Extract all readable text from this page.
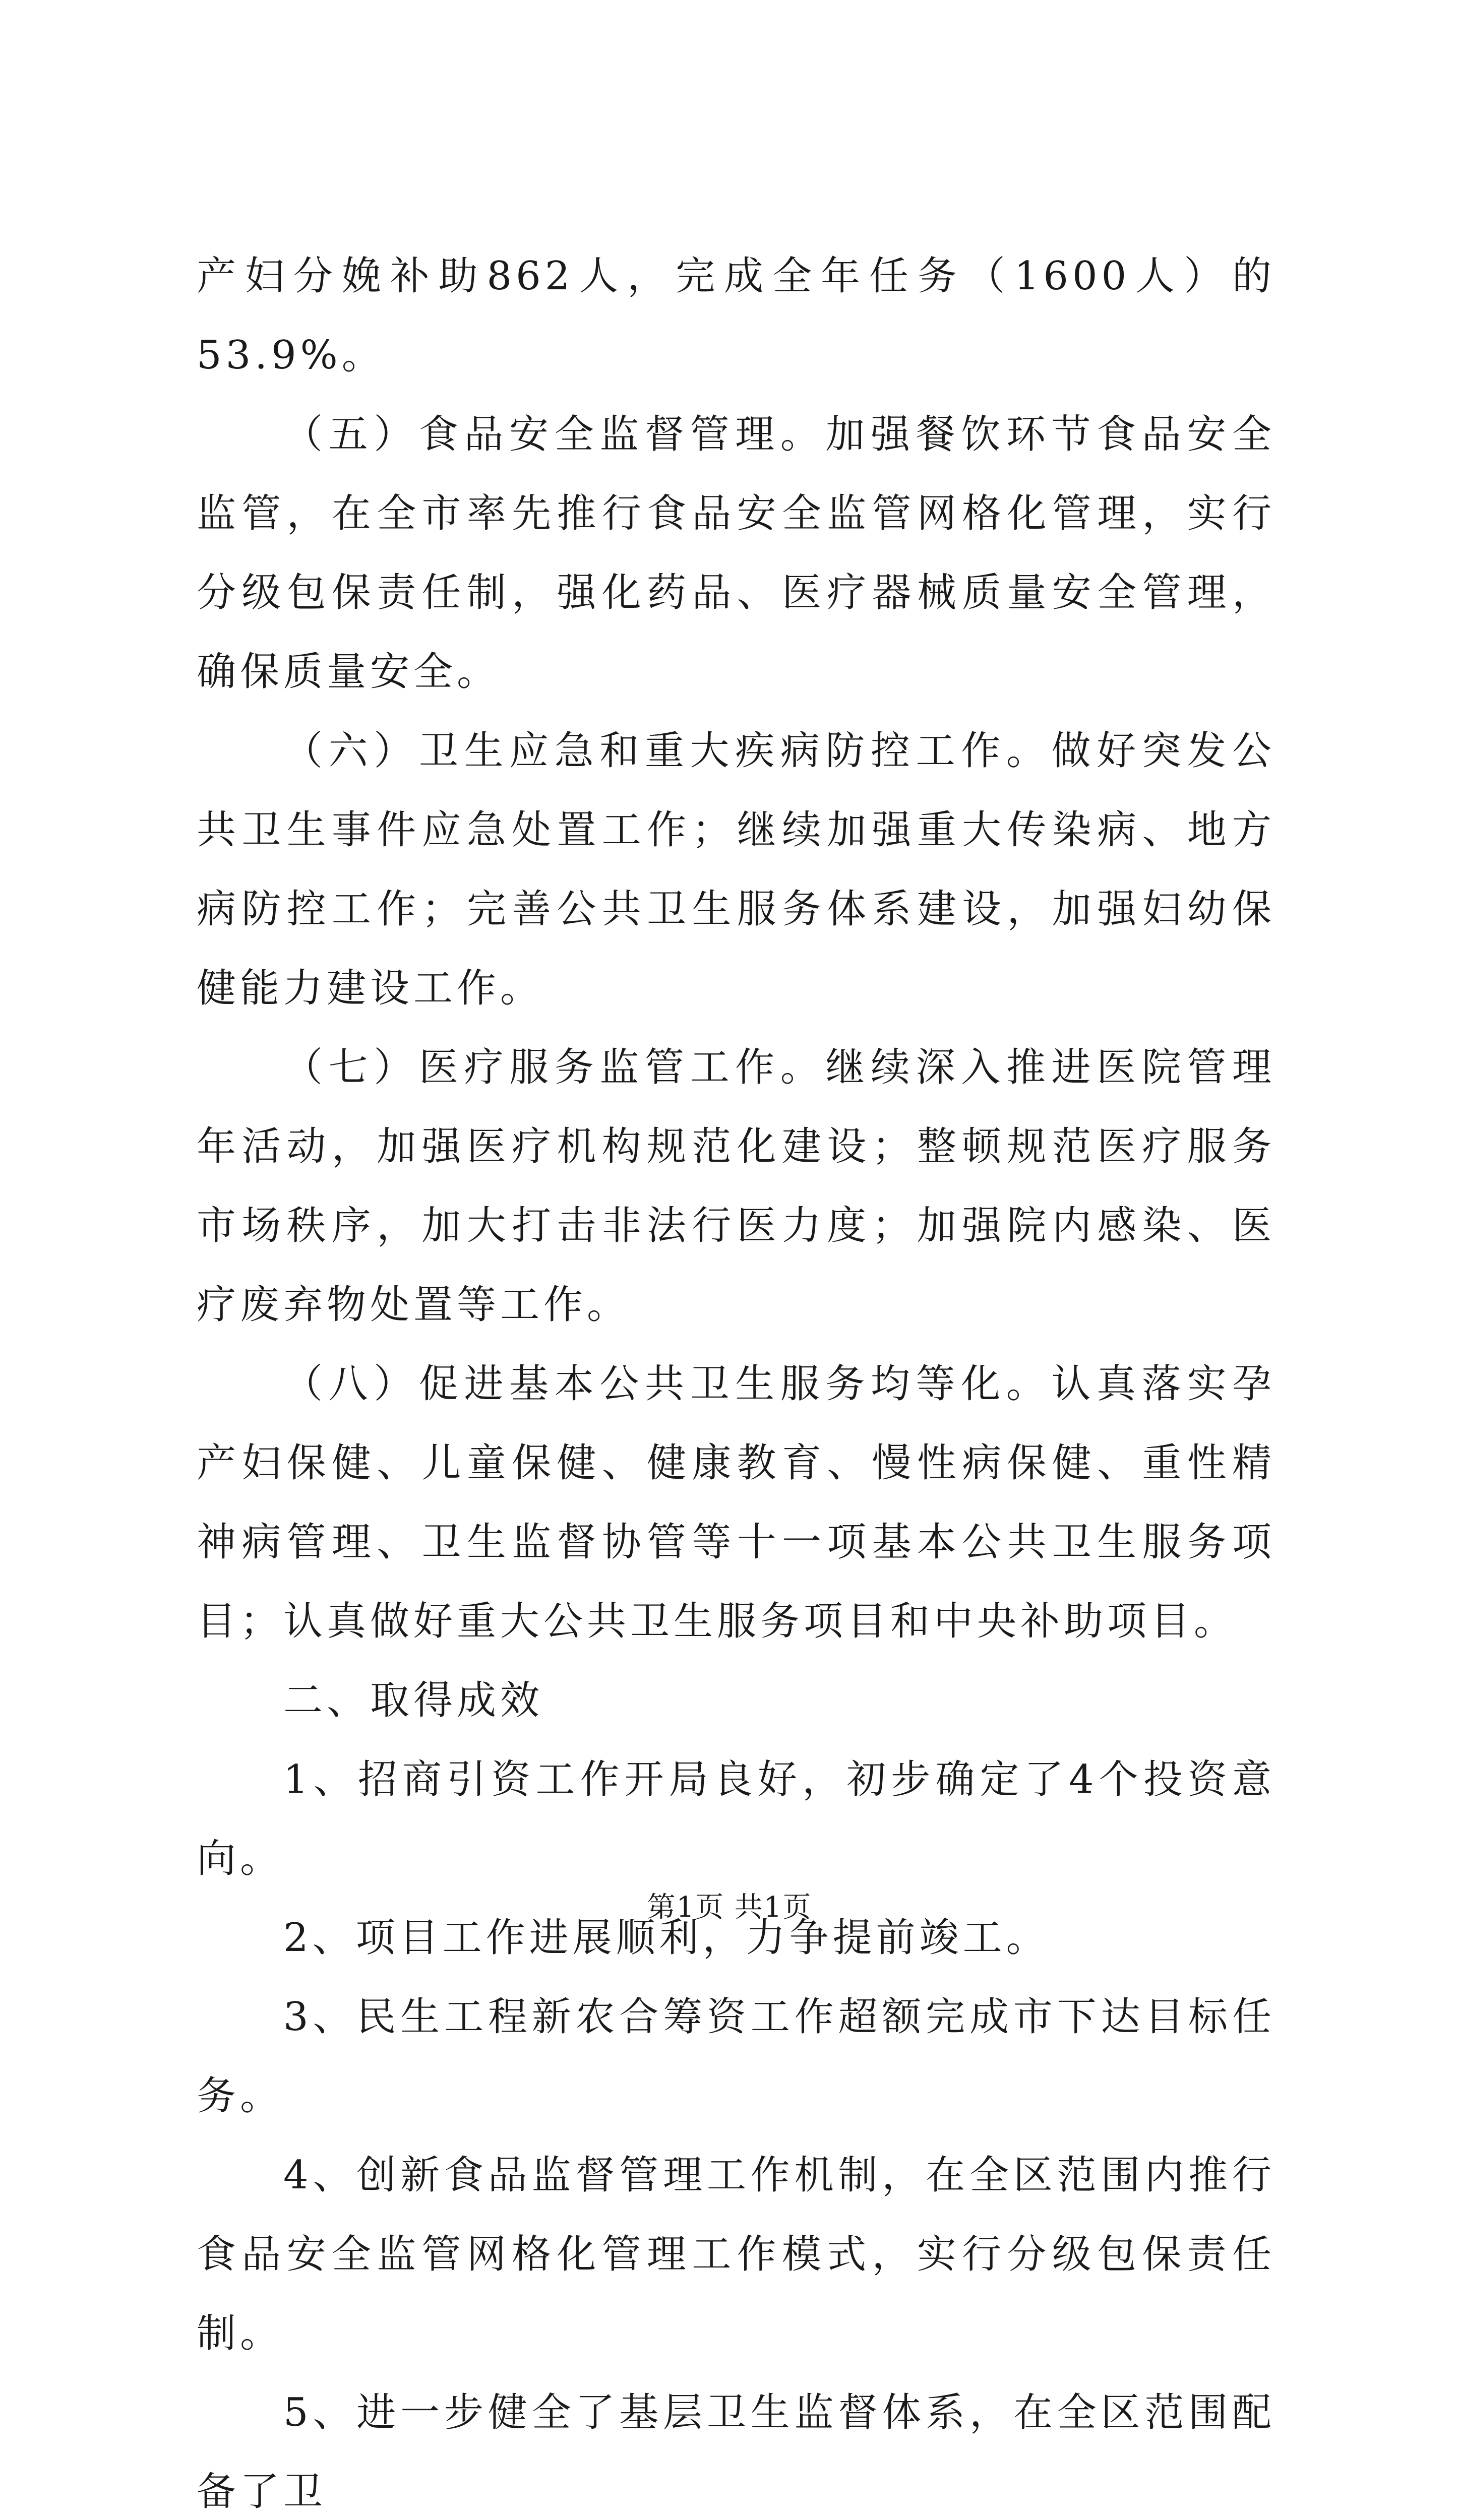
产妇分娩补助862人，完成全年任务（1600人）的53.9%。

（五）食品安全监督管理。加强餐饮环节食品安全监管，在全市率先推行食品安全监管网格化管理，实行分级包保责任制，强化药品、医疗器械质量安全管理，确保质量安全。

（六）卫生应急和重大疾病防控工作。做好突发公共卫生事件应急处置工作；继续加强重大传染病、地方病防控工作；完善公共卫生服务体系建设，加强妇幼保健能力建设工作。

（七）医疗服务监管工作。继续深入推进医院管理年活动，加强医疗机构规范化建设；整顿规范医疗服务市场秩序，加大打击非法行医力度；加强院内感染、医疗废弃物处置等工作。

（八）促进基本公共卫生服务均等化。认真落实孕产妇保健、儿童保健、健康教育、慢性病保健、重性精神病管理、卫生监督协管等十一项基本公共卫生服务项目；认真做好重大公共卫生服务项目和中央补助项目。

二、取得成效

1、招商引资工作开局良好，初步确定了4个投资意向。

2、项目工作进展顺利，力争提前竣工。

3、民生工程新农合筹资工作超额完成市下达目标任务。

4、创新食品监督管理工作机制，在全区范围内推行食品安全监管网格化管理工作模式，实行分级包保责任制。

5、进一步健全了基层卫生监督体系，在全区范围配备了卫

第1页 共1页
